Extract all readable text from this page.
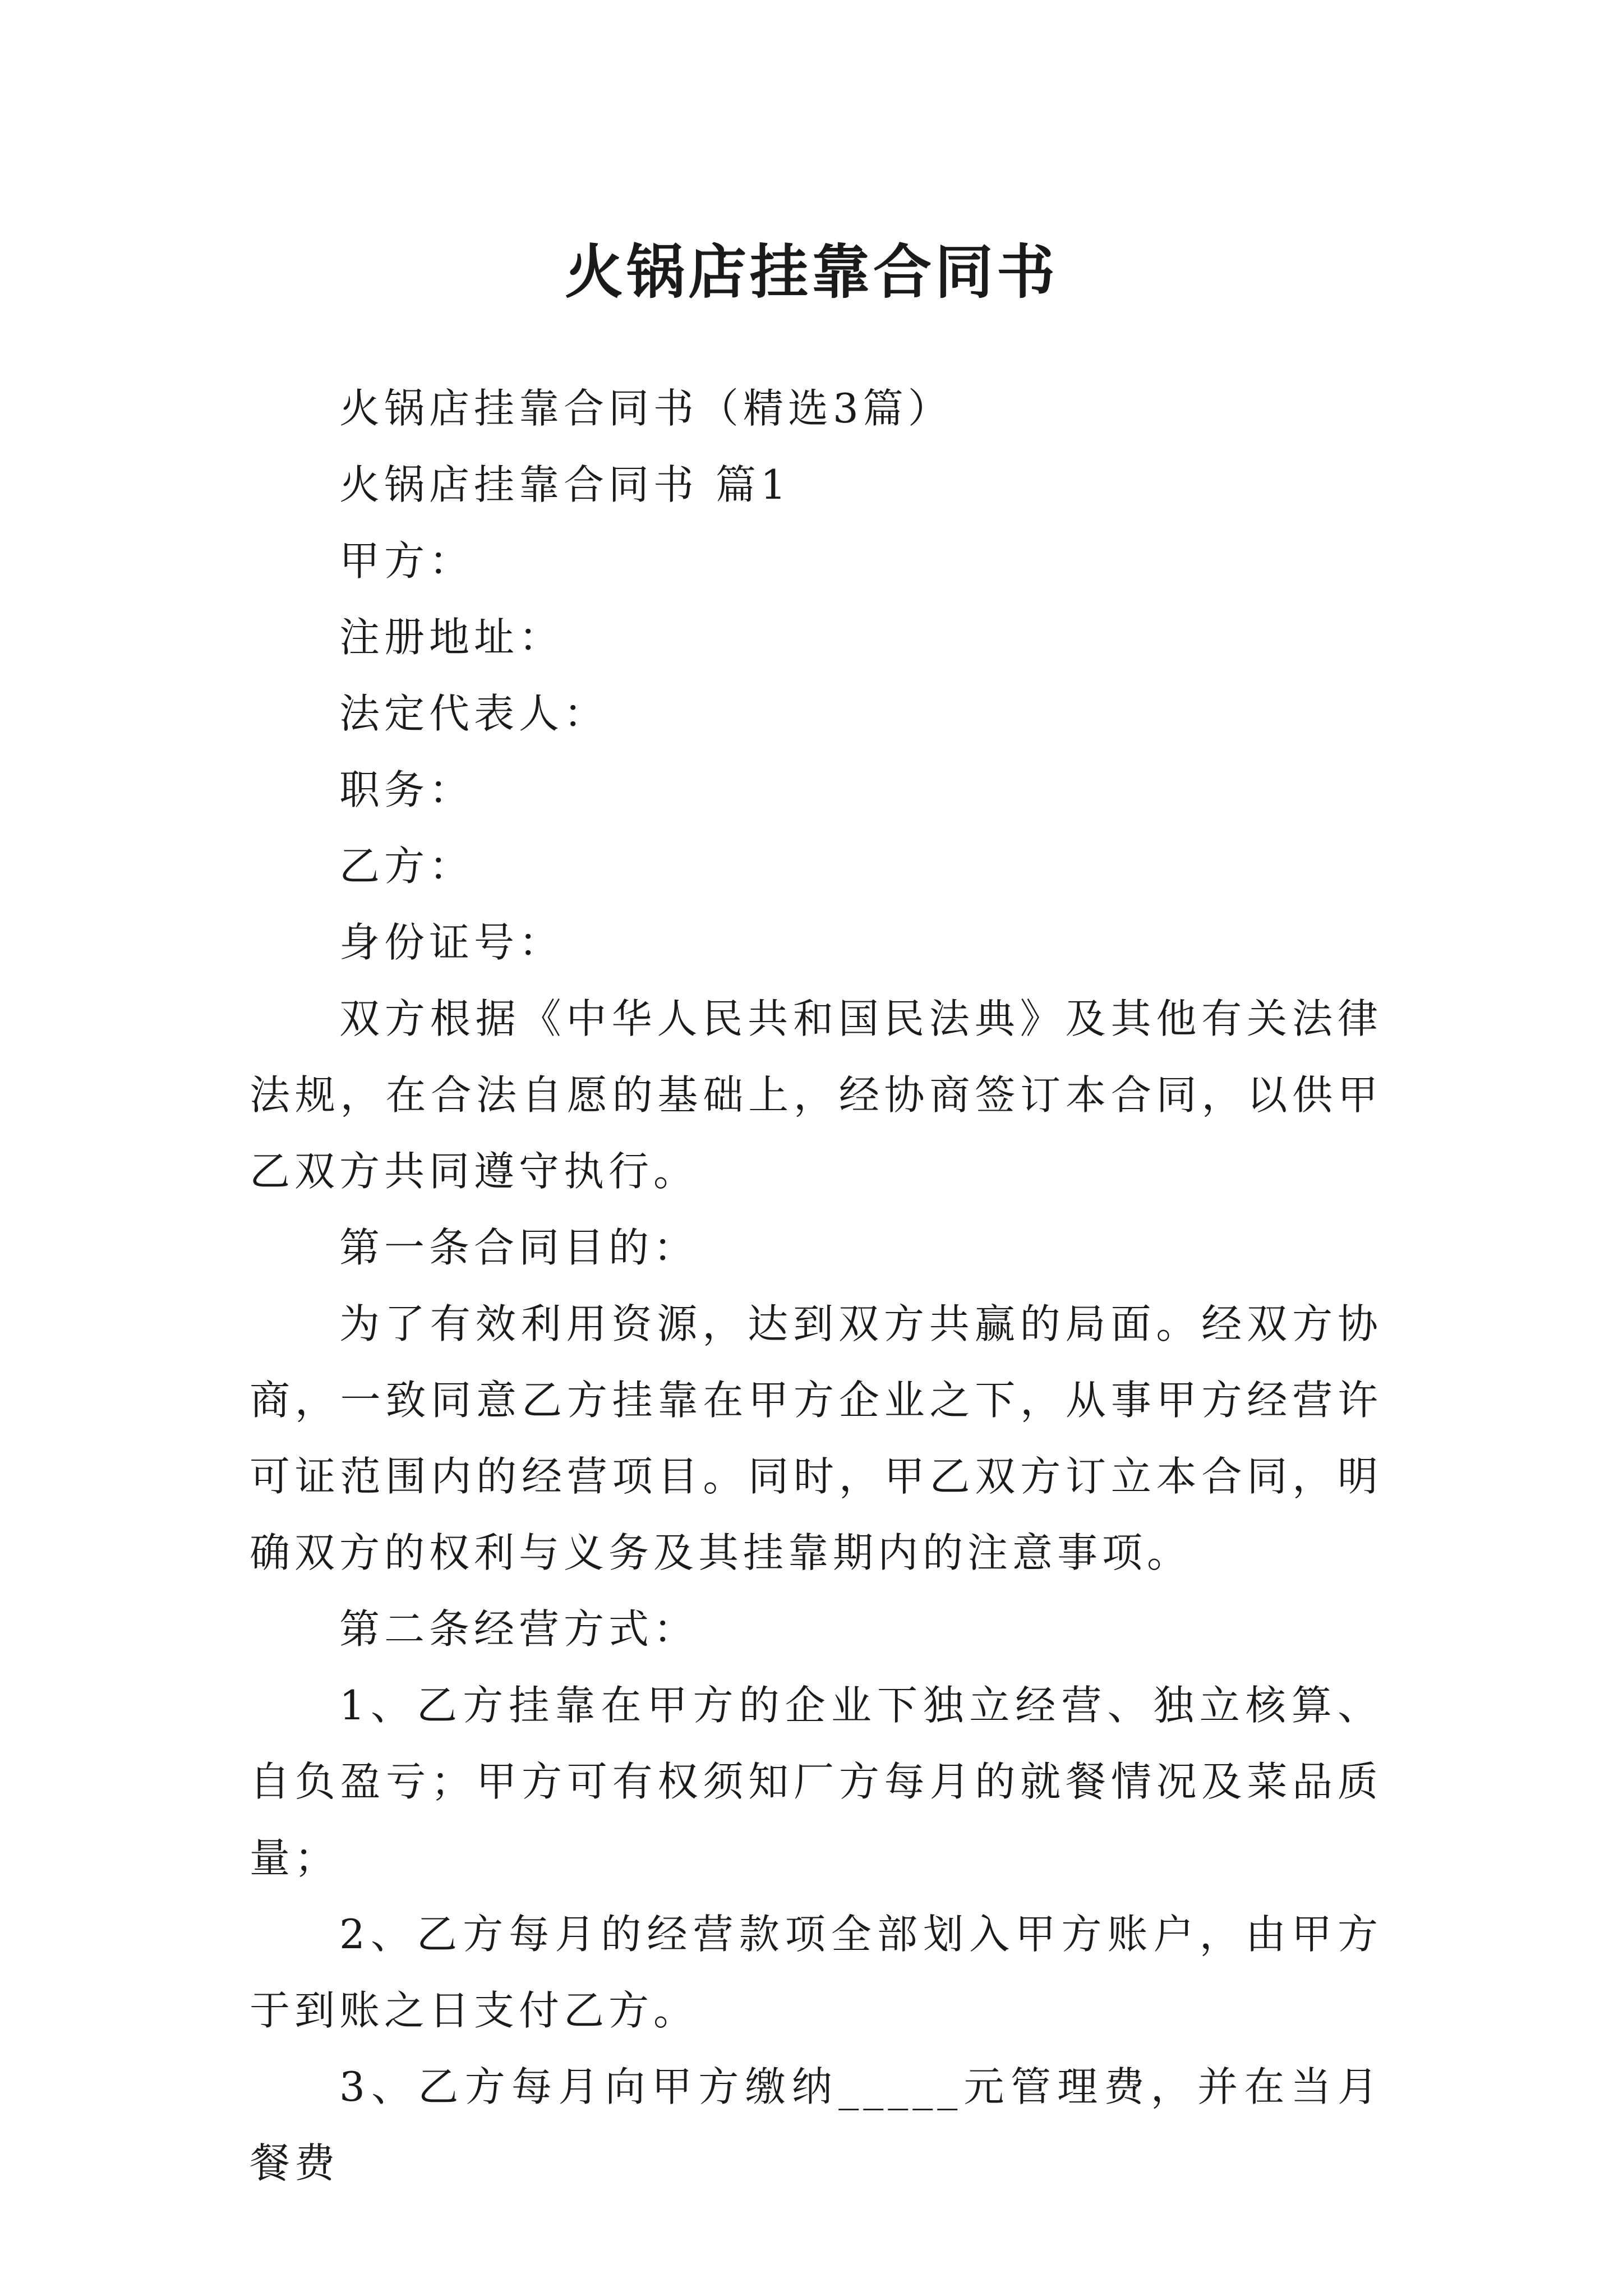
火锅店挂靠合同书

火锅店挂靠合同书（精选3篇）

火锅店挂靠合同书 篇1

甲方：

注册地址：

法定代表人：

职务：

乙方：

身份证号：

双方根据《中华人民共和国民法典》及其他有关法律法规，在合法自愿的基础上，经协商签订本合同，以供甲乙双方共同遵守执行。

第一条合同目的：

为了有效利用资源，达到双方共赢的局面。经双方协商，一致同意乙方挂靠在甲方企业之下，从事甲方经营许可证范围内的经营项目。同时，甲乙双方订立本合同，明确双方的权利与义务及其挂靠期内的注意事项。

第二条经营方式：

1、乙方挂靠在甲方的企业下独立经营、独立核算、自负盈亏；甲方可有权须知厂方每月的就餐情况及菜品质量；

2、乙方每月的经营款项全部划入甲方账户，由甲方于到账之日支付乙方。

3、乙方每月向甲方缴纳_____元管理费，并在当月餐费
